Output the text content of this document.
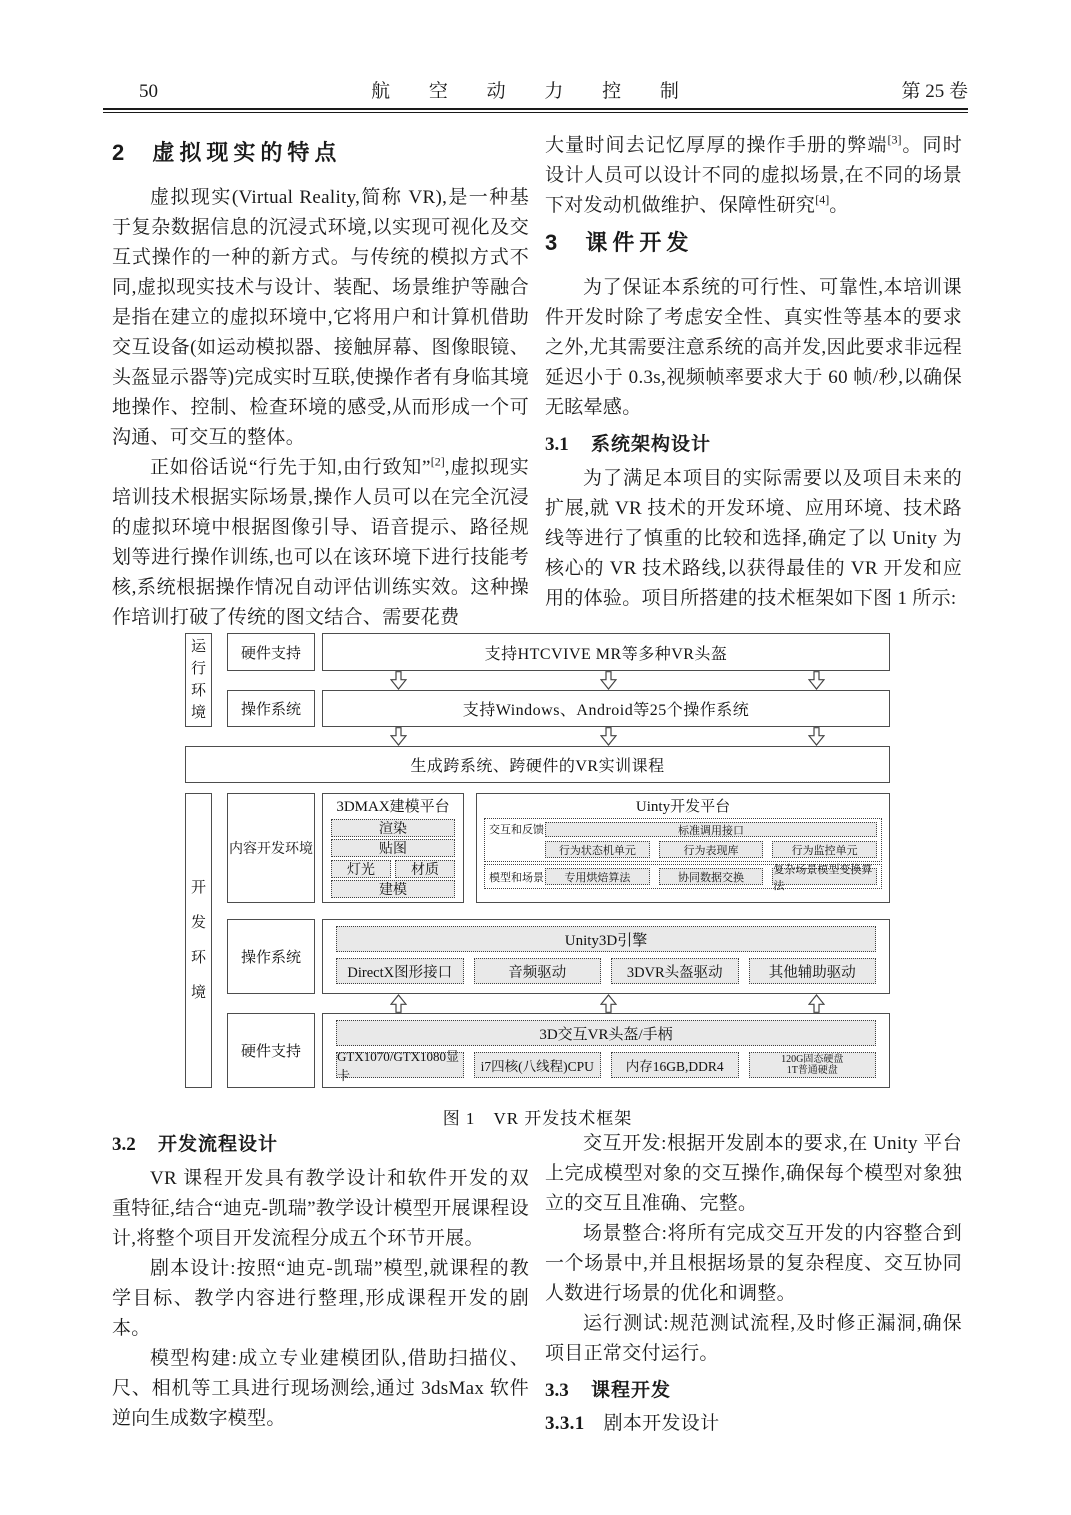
50	航 空 动 力 控 制	第 25 卷
2 虚拟现实的特点

虚拟现实(Virtual Reality,简称 VR),是一种基于复杂数据信息的沉浸式环境,以实现可视化及交互式操作的一种的新方式。与传统的模拟方式不同,虚拟现实技术与设计、装配、场景维护等融合是指在建立的虚拟环境中,它将用户和计算机借助交互设备(如运动模拟器、接触屏幕、图像眼镜、头盔显示器等)完成实时互联,使操作者有身临其境地操作、控制、检查环境的感受,从而形成一个可沟通、可交互的整体。

正如俗话说“行先于知,由行致知”[2],虚拟现实培训技术根据实际场景,操作人员可以在完全沉浸的虚拟环境中根据图像引导、语音提示、路径规划等进行操作训练,也可以在该环境下进行技能考核,系统根据操作情况自动评估训练实效。这种操作培训打破了传统的图文结合、需要花费

大量时间去记忆厚厚的操作手册的弊端[3]。同时设计人员可以设计不同的虚拟场景,在不同的场景下对发动机做维护、保障性研究[4]。

3 课件开发

为了保证本系统的可行性、可靠性,本培训课件开发时除了考虑安全性、真实性等基本的要求之外,尤其需要注意系统的高并发,因此要求非远程延迟小于 0.3s,视频帧率要求大于 60 帧/秒,以确保无眩晕感。

3.1 系统架构设计

为了满足本项目的实际需要以及项目未来的扩展,就 VR 技术的开发环境、应用环境、技术路线等进行了慎重的比较和选择,确定了以 Unity 为核心的 VR 技术路线,以获得最佳的 VR 开发和应用的体验。项目所搭建的技术框架如下图 1 所示:

运
行
环
境
硬件支持	支持HTCVIVE MR等多种VR头盔
操作系统	支持Windows、Android等25个操作系统
生成跨系统、跨硬件的VR实训课程
开
发
环
境
内容开发环境
3DMAX建模平台
渲染
贴图
灯光	材质
建模
Uinty开发平台
交互和反馈	标准调用接口
行为状态机单元	行为表现库	行为监控单元
模型和场景	专用烘焙算法	协同数据交换
复杂场景模型变换算法
操作系统
Unity3D引擎
DirectX图形接口	音频驱动	3DVR头盔驱动	其他辅助驱动
硬件支持
3D交互VR头盔/手柄
GTX1070/GTX1080显卡
i7四核(八线程)CPU	内存16GB,DDR4	120G固态硬盘
1T普通硬盘
图 1 VR 开发技术框架
3.2 开发流程设计

VR 课程开发具有教学设计和软件开发的双重特征,结合“迪克-凯瑞”教学设计模型开展课程设计,将整个项目开发流程分成五个环节开展。

剧本设计:按照“迪克-凯瑞”模型,就课程的教学目标、教学内容进行整理,形成课程开发的剧本。

模型构建:成立专业建模团队,借助扫描仪、尺、相机等工具进行现场测绘,通过 3dsMax 软件逆向生成数字模型。

交互开发:根据开发剧本的要求,在 Unity 平台上完成模型对象的交互操作,确保每个模型对象独立的交互且准确、完整。

场景整合:将所有完成交互开发的内容整合到一个场景中,并且根据场景的复杂程度、交互协同人数进行场景的优化和调整。

运行测试:规范测试流程,及时修正漏洞,确保项目正常交付运行。

3.3 课程开发
3.3.1 剧本开发设计
